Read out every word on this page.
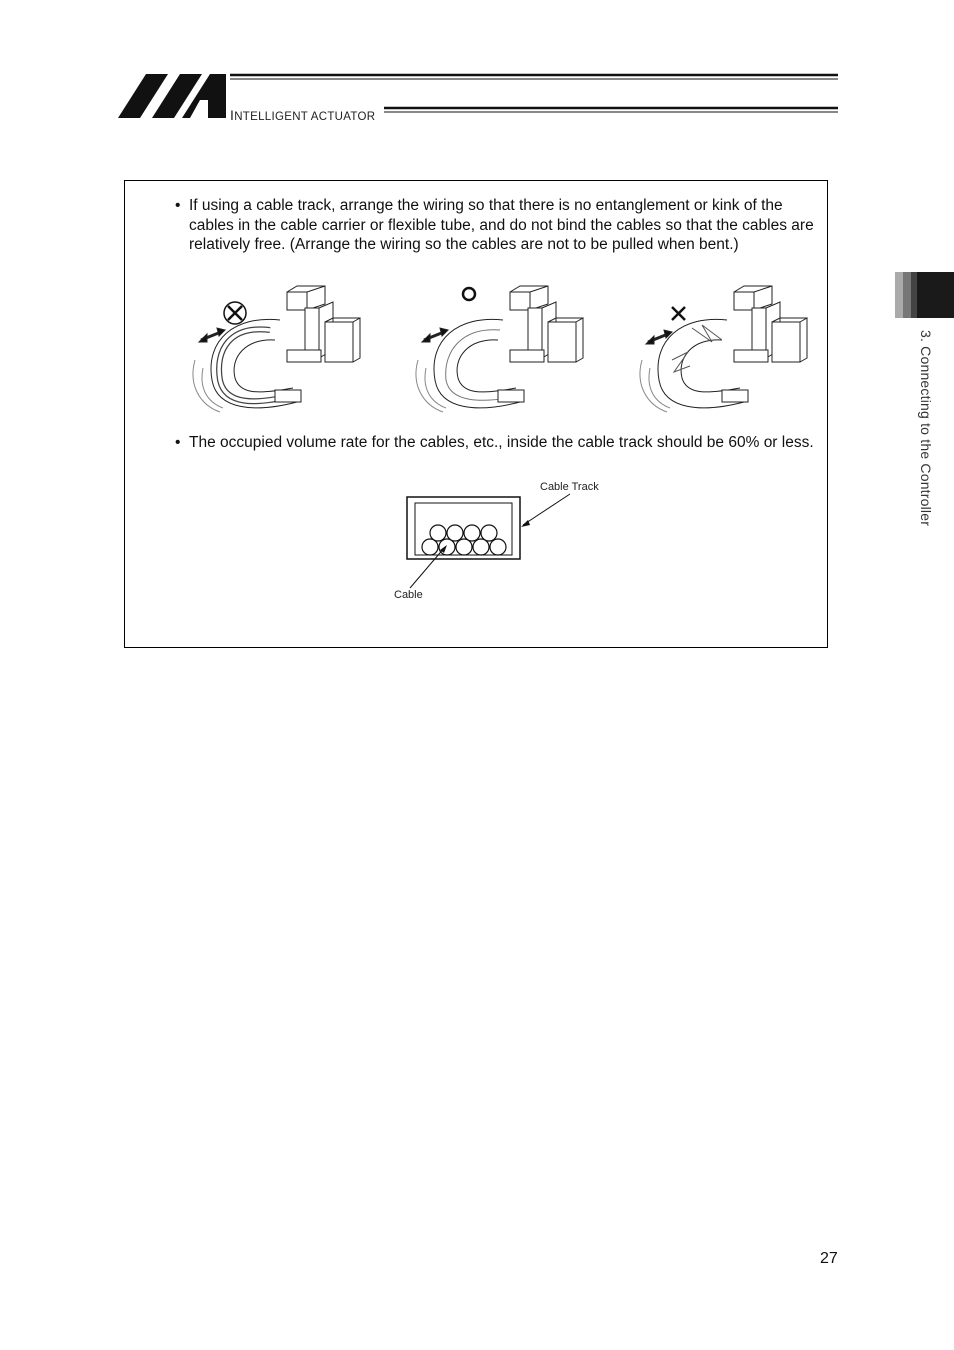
INTELLIGENT ACTUATOR
• If using a cable track, arrange the wiring so that there is no entanglement or kink of the cables in the cable carrier or flexible tube, and do not bind the cables so that the cables are relatively free. (Arrange the wiring so the cables are not to be pulled when bent.)
• The occupied volume rate for the cables, etc., inside the cable track should be 60% or less.
Cable Track
Cable
3. Connecting to the Controller
27
